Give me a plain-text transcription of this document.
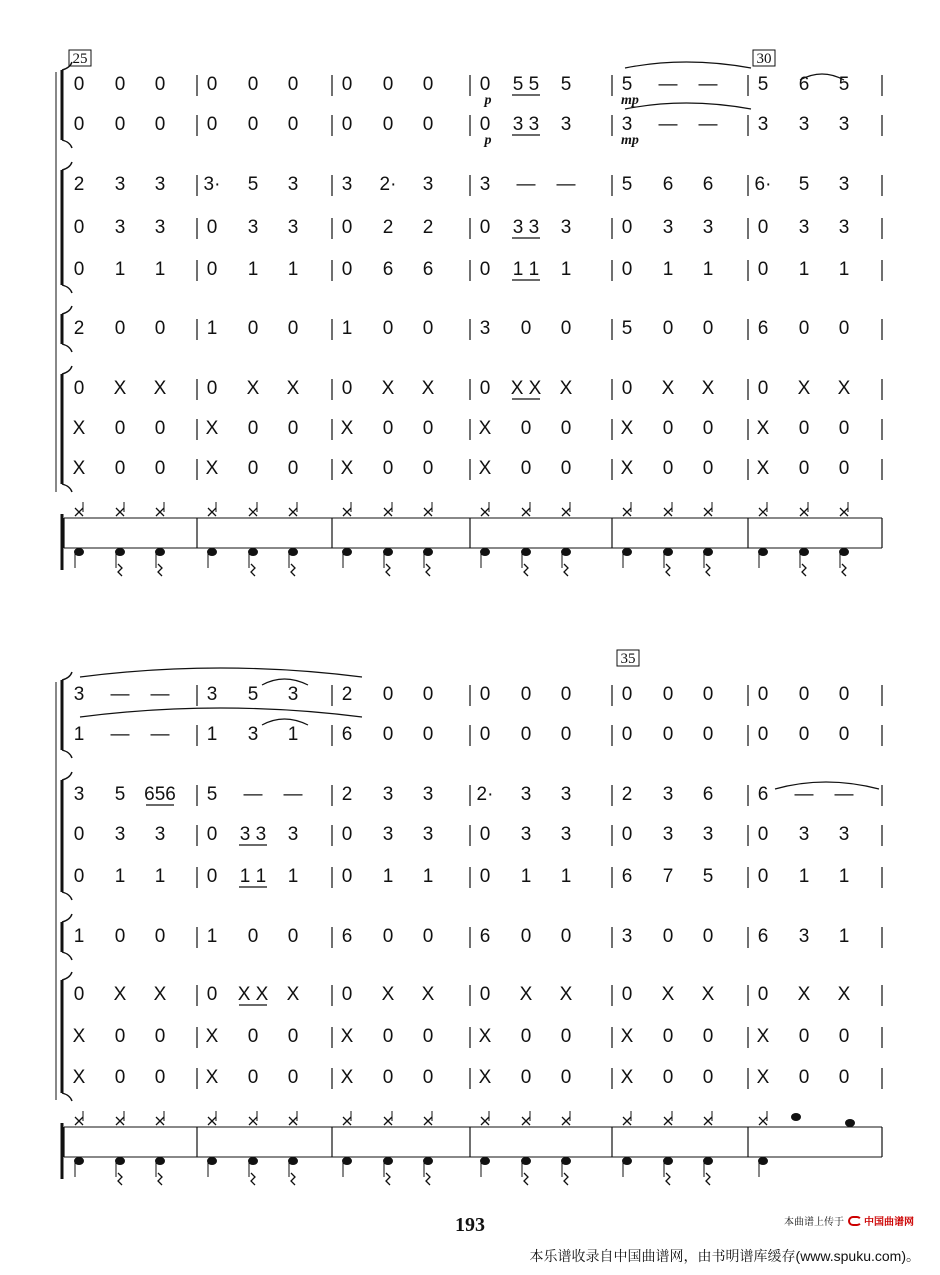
25	30
0 0 0 0 0 0 0 0 0 0 5 5 5	5 — — 5 6 5
0 0 0 0 0 0 0 0 0 0 3 3 3	3 — — 3 3 3
2 3 3 3· 5 3 3 2· 3 3 — — 5 6 6 6· 5 3
0 3 3 0 3 3 0 2 2 0 3 3 3	0 3 3 0 3 3
0 1 1 0 1 1 0 6 6 0 1 1 1	0 1 1 0 1 1
2 0 0 1 0 0 1 0 0 3 0 0	5 0 0 6 0 0
0 X X 0 X X 0 X X 0 X X X	0 X X 0 X X
X 0 0 X 0 0 X 0 0 X 0 0	X 0 0 X 0 0
X 0 0 X 0 0 X 0 0 X 0 0	X 0 0 X 0 0
p
p
mp
mp
35
3 — — 3 5 3 2 0 0 0 0 0	0 0 0 0 0 0
1 — — 1 3 1 6 0 0 0 0 0	0 0 0 0 0 0
3 5 656 5 — — 2 3 3 2· 3 3	2 3 6 6 — —
0 3 3 0 3 3 3 0 3 3 0 3 3	0 3 3 0 3 3
0 1 1 0 1 1 1 0 1 1 0 1 1	6 7 5 0 1 1
1 0 0 1 0 0 6 0 0 6 0 0	3 0 0 6 3 1
0 X X 0 X X X 0 X X 0 X X	0 X X 0 X X
X 0 0 X 0 0 X 0 0 X 0 0	X 0 0 X 0 0
X 0 0 X 0 0 X 0 0 X 0 0	X 0 0 X 0 0
193	本曲谱上传于 中国曲谱网
本乐谱收录自中国曲谱网，由书明谱库缓存(www.spuku.com)。
